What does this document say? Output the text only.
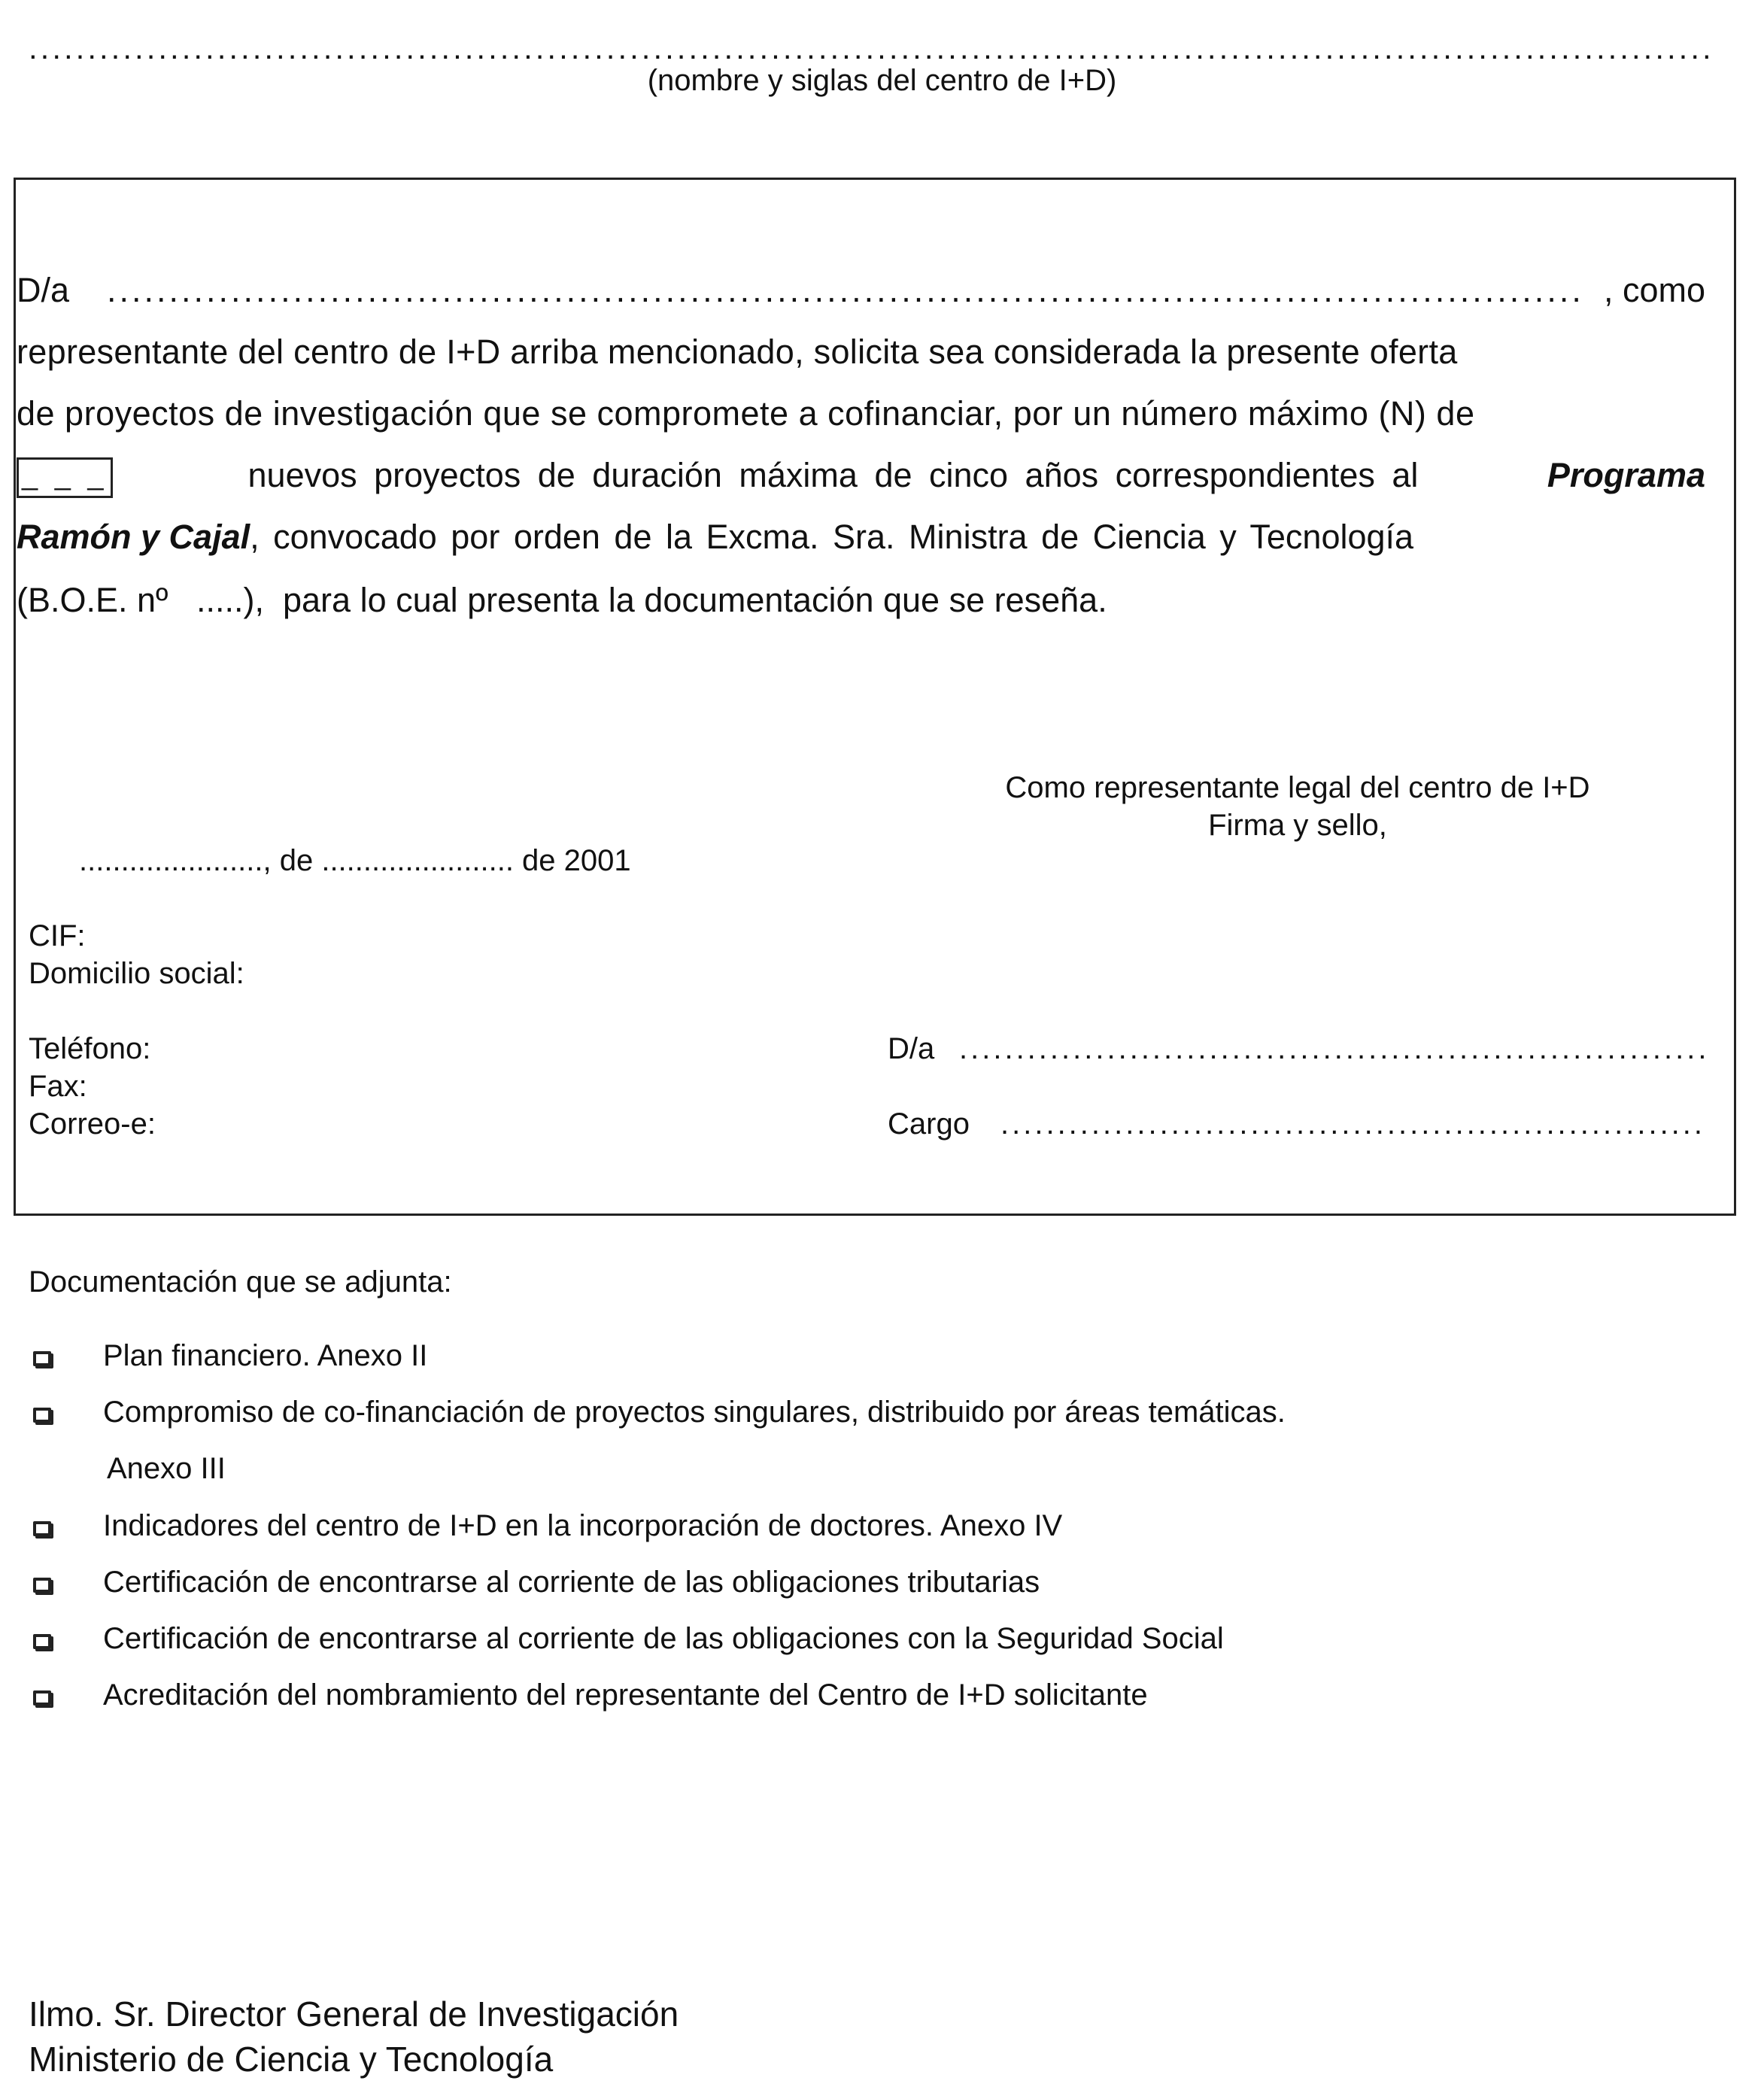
.....
(nombre y siglas del centro de I+D)
D/a
.....	, como
representante del centro de I+D arriba mencionado, solicita sea considerada la presente oferta
de proyectos de investigación que se compromete a cofinanciar, por un número máximo (N) de
_ _ _
nuevos proyectos de duración máxima de cinco años correspondientes al	Programa
Ramón y Cajal, convocado por orden de la Excma. Sra. Ministra de Ciencia y Tecnología
(B.O.E. nº   .....),  para lo cual presenta la documentación que se reseña.
Como representante legal del centro de I+D
Firma y sello,
......................, de ....................... de 2001
CIF:
Domicilio social:
Teléfono:
Fax:
Correo-e:
D/a
.....
Cargo
.....
Documentación que se adjunta:
Plan financiero. Anexo II
Compromiso de co-financiación de proyectos singulares, distribuido por áreas temáticas.
Anexo III
Indicadores del centro de I+D en la incorporación de doctores. Anexo IV
Certificación de encontrarse al corriente de las obligaciones tributarias
Certificación de encontrarse al corriente de las obligaciones con la Seguridad Social
Acreditación del nombramiento del representante del Centro de I+D solicitante
Ilmo. Sr. Director General de Investigación
Ministerio de Ciencia y Tecnología
